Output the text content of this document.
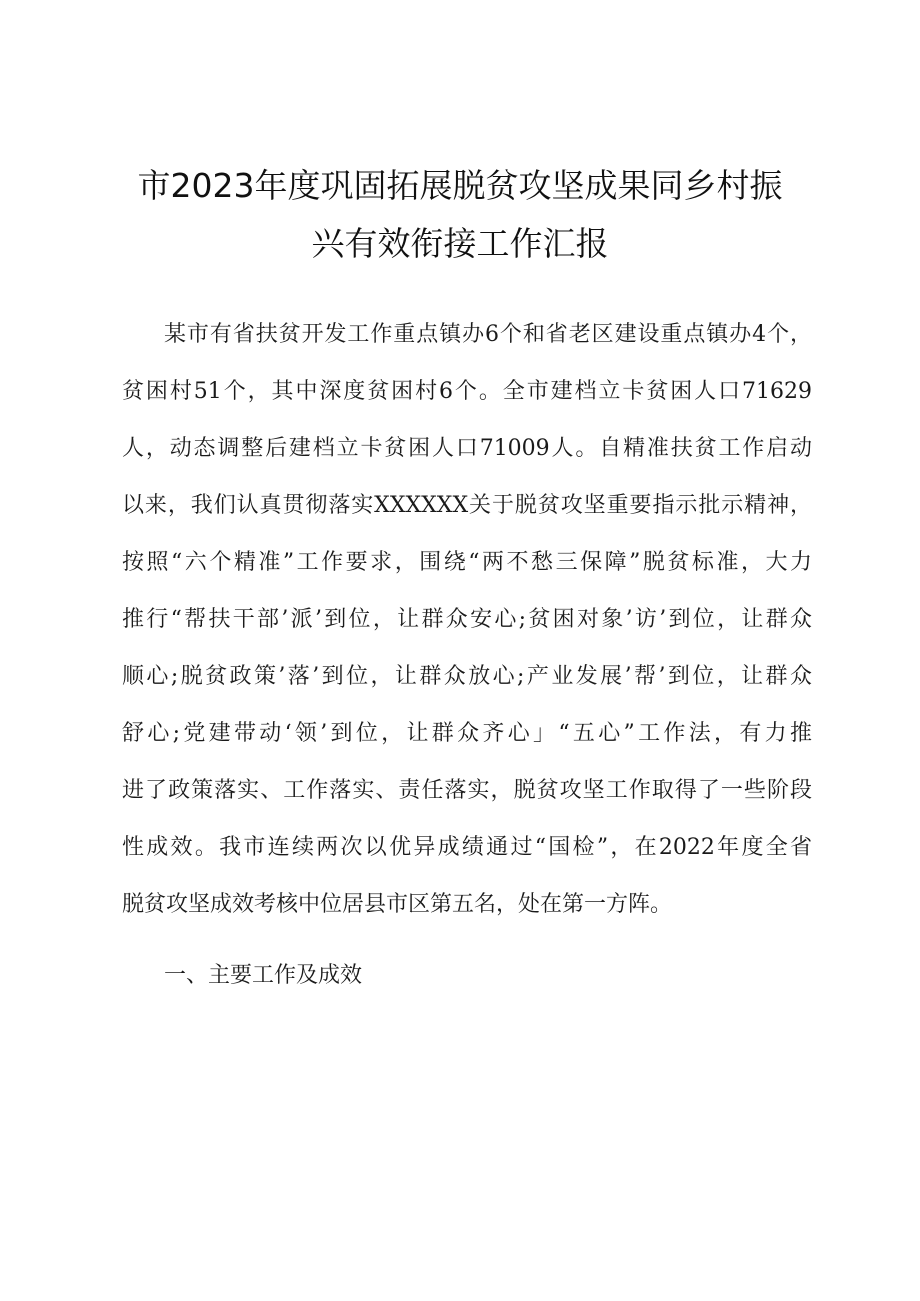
市2023年度巩固拓展脱贫攻坚成果同乡村振
兴有效衔接工作汇报

某市有省扶贫开发工作重点镇办6个和省老区建设重点镇办4个，

贫困村51个，其中深度贫困村6个。全市建档立卡贫困人口71629

人，动态调整后建档立卡贫困人口71009人。自精准扶贫工作启动

以来，我们认真贯彻落实XXXXXX关于脱贫攻坚重要指示批示精神，

按照“六个精准”工作要求，围绕“两不愁三保障”脱贫标准，大力

推行“帮扶干部’派’到位，让群众安心;贫困对象’访’到位，让群众

顺心;脱贫政策’落’到位，让群众放心;产业发展’帮’到位，让群众

舒心;党建带动‘领’到位，让群众齐心」“五心”工作法，有力推

进了政策落实、工作落实、责任落实，脱贫攻坚工作取得了一些阶段

性成效。我市连续两次以优异成绩通过“国检”，在2022年度全省

脱贫攻坚成效考核中位居县市区第五名，处在第一方阵。

一、主要工作及成效
